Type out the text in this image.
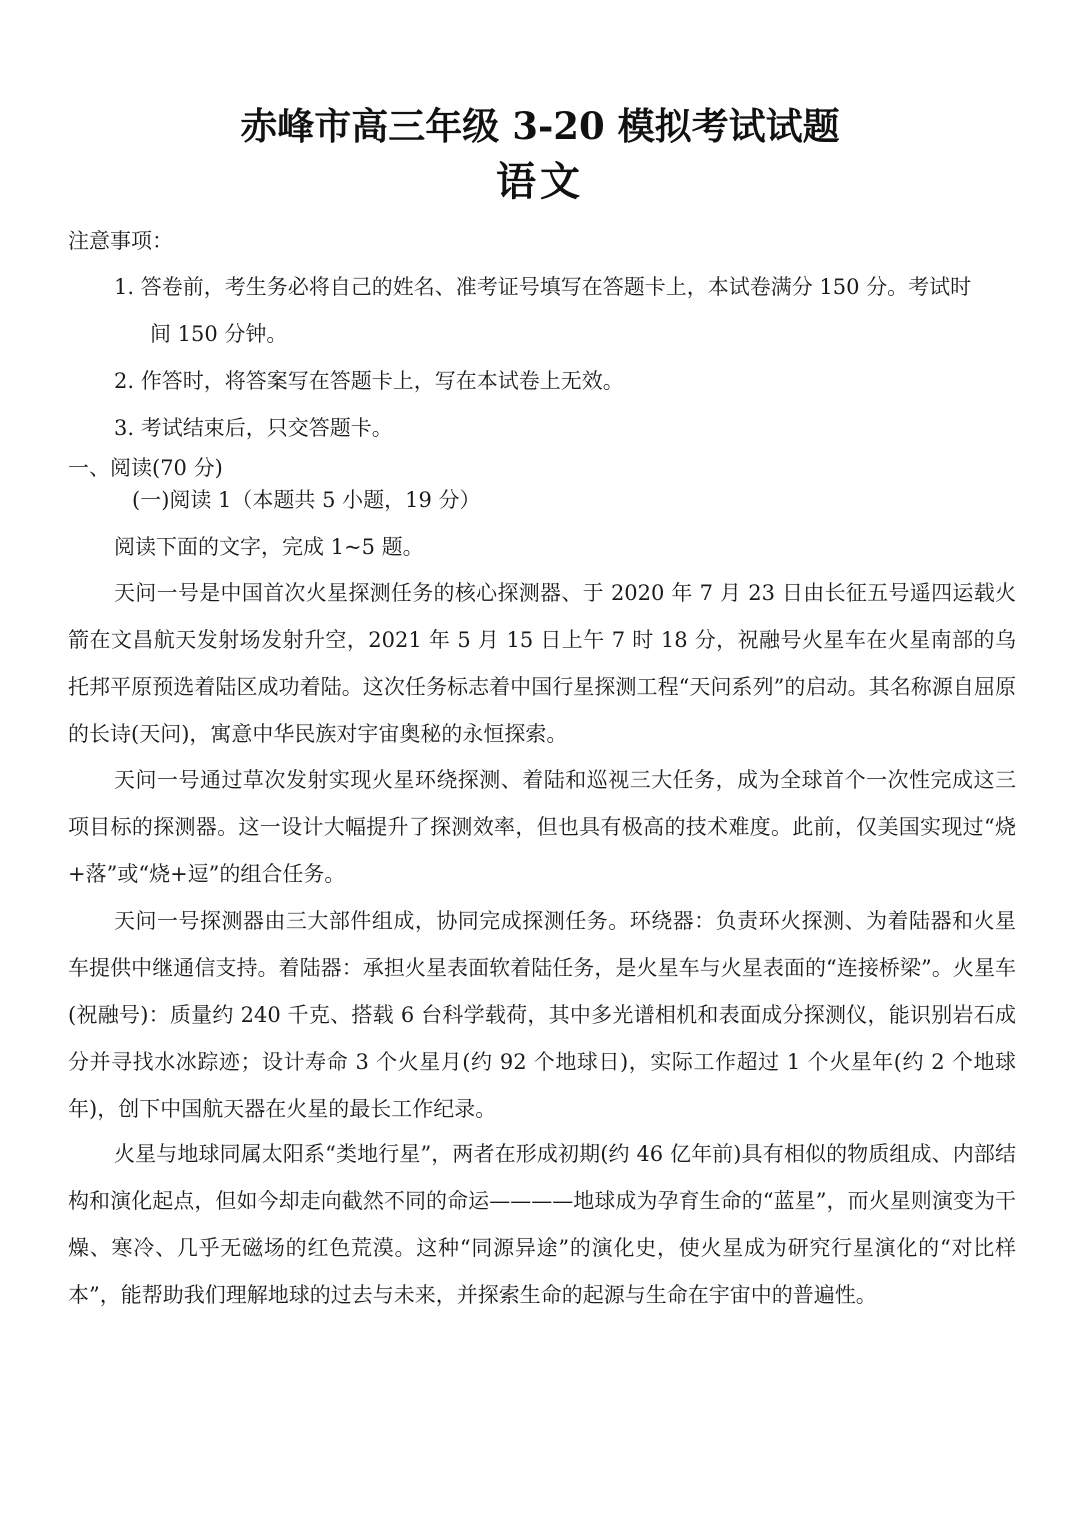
赤峰市高三年级 3-20 模拟考试试题
语文
注意事项：
1. 答卷前，考生务必将自己的姓名、准考证号填写在答题卡上，本试卷满分 150 分。考试时
间 150 分钟。
2. 作答时，将答案写在答题卡上，写在本试卷上无效。
3. 考试结束后，只交答题卡。
一、阅读(70 分)
(一)阅读 1（本题共 5 小题，19 分）
阅读下面的文字，完成 1~5 题。

天问一号是中国首次火星探测任务的核心探测器、于 2020 年 7 月 23 日由长征五号遥四运载火箭在文昌航天发射场发射升空，2021 年 5 月 15 日上午 7 时 18 分，祝融号火星车在火星南部的乌托邦平原预选着陆区成功着陆。这次任务标志着中国行星探测工程“天问系列”的启动。其名称源自屈原的长诗(天问)，寓意中华民族对宇宙奥秘的永恒探索。

天问一号通过草次发射实现火星环绕探测、着陆和巡视三大任务，成为全球首个一次性完成这三项目标的探测器。这一设计大幅提升了探测效率，但也具有极高的技术难度。此前，仅美国实现过“烧+落”或“烧+逗”的组合任务。

天问一号探测器由三大部件组成，协同完成探测任务。环绕器：负责环火探测、为着陆器和火星车提供中继通信支持。着陆器：承担火星表面软着陆任务，是火星车与火星表面的“连接桥梁”。火星车(祝融号)：质量约 240 千克、搭载 6 台科学载荷，其中多光谱相机和表面成分探测仪，能识别岩石成分并寻找水冰踪迹；设计寿命 3 个火星月(约 92 个地球日)，实际工作超过 1 个火星年(约 2 个地球年)，创下中国航天器在火星的最长工作纪录。

火星与地球同属太阳系“类地行星”，两者在形成初期(约 46 亿年前)具有相似的物质组成、内部结构和演化起点，但如今却走向截然不同的命运————地球成为孕育生命的“蓝星”，而火星则演变为干燥、寒冷、几乎无磁场的红色荒漠。这种“同源异途”的演化史，使火星成为研究行星演化的“对比样本”，能帮助我们理解地球的过去与未来，并探索生命的起源与生命在宇宙中的普遍性。
